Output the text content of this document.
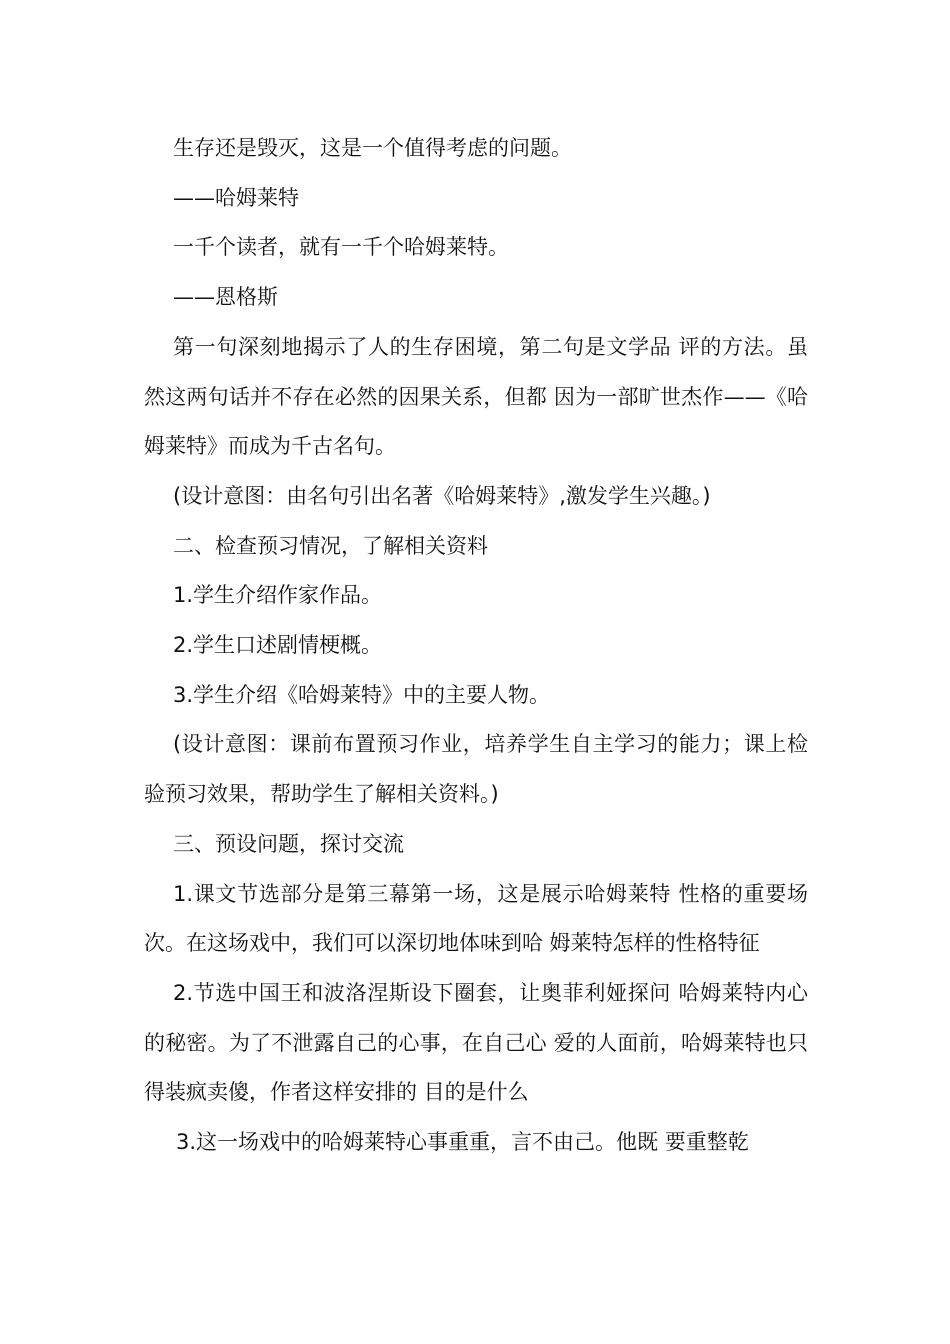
生存还是毁灭，这是一个值得考虑的问题。

——哈姆莱特

一千个读者，就有一千个哈姆莱特。

——恩格斯

第一句深刻地揭示了人的生存困境，第二句是文学品 评的方法。虽然这两句话并不存在必然的因果关系，但都 因为一部旷世杰作——《哈姆莱特》而成为千古名句。

(设计意图：由名句引出名著《哈姆莱特》,激发学生兴趣。)

二、检查预习情况，了解相关资料

1.学生介绍作家作品。

2.学生口述剧情梗概。

3.学生介绍《哈姆莱特》中的主要人物。

(设计意图：课前布置预习作业，培养学生自主学习的能力；课上检验预习效果，帮助学生了解相关资料。)

三、预设问题，探讨交流

1.课文节选部分是第三幕第一场，这是展示哈姆莱特 性格的重要场次。在这场戏中，我们可以深切地体味到哈 姆莱特怎样的性格特征

2.节选中国王和波洛涅斯设下圈套，让奥菲利娅探问 哈姆莱特内心的秘密。为了不泄露自己的心事，在自己心 爱的人面前，哈姆莱特也只得装疯卖傻，作者这样安排的 目的是什么

3.这一场戏中的哈姆莱特心事重重，言不由己。他既 要重整乾
